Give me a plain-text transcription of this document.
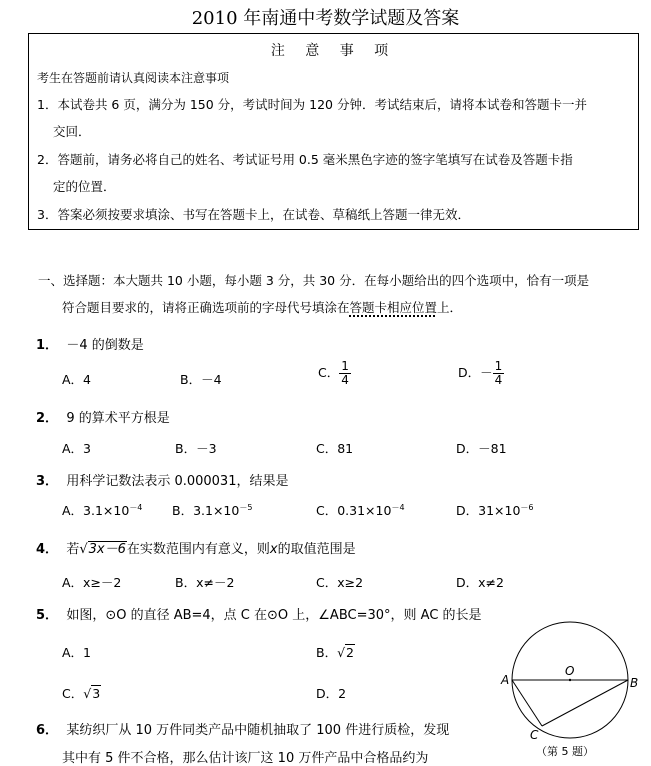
2010 年南通中考数学试题及答案
注 意 事 项
考生在答题前请认真阅读本注意事项
1．本试卷共 6 页，满分为 150 分，考试时间为 120 分钟．考试结束后，请将本试卷和答题卡一并
交回．
2．答题前，请务必将自己的姓名、考试证号用 0.5 毫米黑色字迹的签字笔填写在试卷及答题卡指
定的位置．
3．答案必须按要求填涂、书写在答题卡上，在试卷、草稿纸上答题一律无效．
一、选择题：本大题共 10 小题，每小题 3 分，共 30 分．在每小题给出的四个选项中，恰有一项是
符合题目要求的，请将正确选项前的字母代号填涂在答题卡相应位置上．
1． －4 的倒数是
A．4	B．－4	C． $\frac{1}{4}$	D．－ $\frac{1}{4}$
2． 9 的算术平方根是
A．3	B．－3	C．81	D．－81
3． 用科学记数法表示 0.000031，结果是
A．$3.1\times 10^{-4}$ B．$3.1\times 10^{-5}$	C．$0.31\times 10^{-4}$	D．$31\times 10^{-6}$
4． 若√3x－6在实数范围内有意义，则x的取值范围是
A．x≥－2	B．x≠－2	C．x≥2	D．x≠2
5． 如图，⊙O 的直径 AB=4，点 C 在⊙O 上，∠ABC=30°，则 AC 的长是
A．1	B．√2
C．√3	D．2
6． 某纺织厂从 10 万件同类产品中随机抽取了 100 件进行质检，发现
其中有 5 件不合格，那么估计该厂这 10 万件产品中合格品约为
A	B
C
O
（第 5 题）
